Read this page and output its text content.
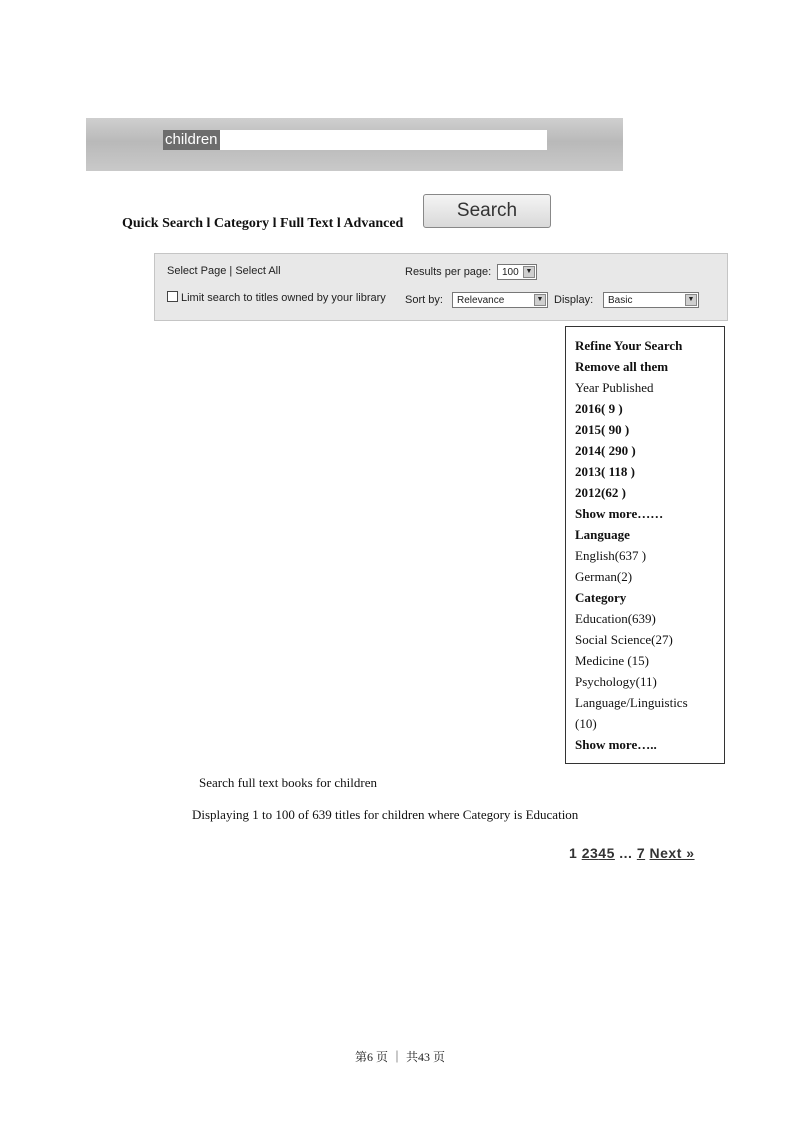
children
Search
Quick Search l Category l Full Text l Advanced
Select Page | Select All
Limit search to titles owned by your library
Results per page:	100 ▼
Sort by:	Relevance	▼ Display:	Basic	▼
Refine Your Search
Remove all them
Year Published
2016( 9 )
2015( 90 )
2014( 290 )
2013( 118 )
2012(62 )
Show more……
Language
English(637 )
German(2)
Category
Education(639)
Social Science(27)
Medicine (15)
Psychology(11)
Language/Linguistics
(10)
Show more…..
Search full text books for children
Displaying 1 to 100 of 639 titles for children where Category is Education
1 2345 ... 7 Next »
第6 页 ｜ 共43 页
